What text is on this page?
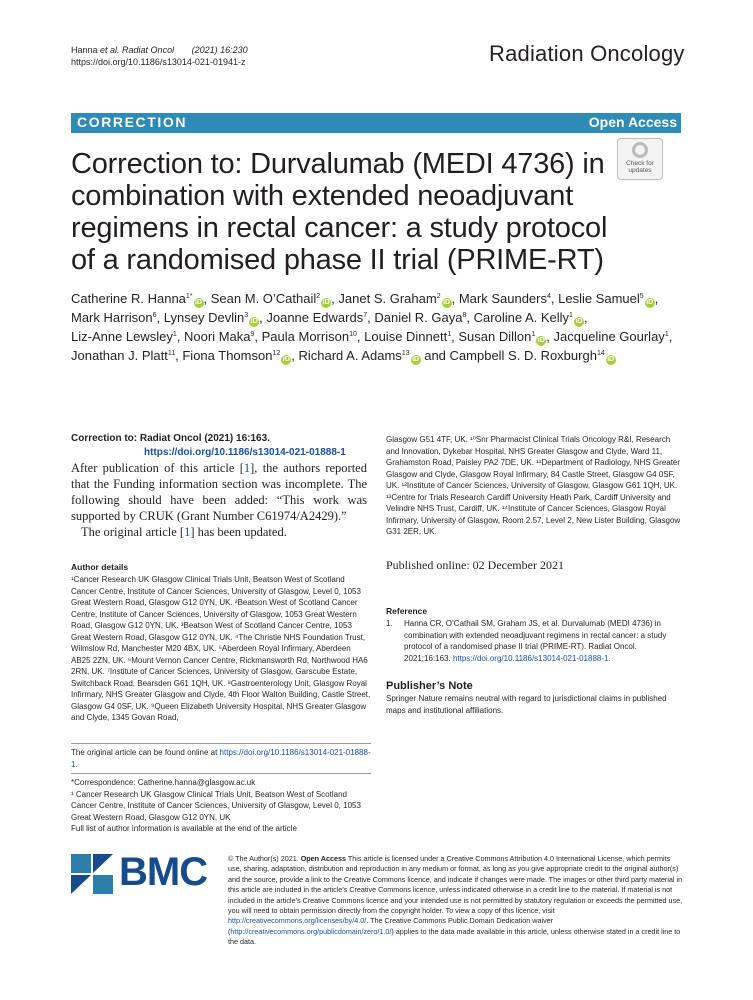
Hanna et al. Radiat Oncol (2021) 16:230
https://doi.org/10.1186/s13014-021-01941-z	Radiation Oncology
CORRECTION	Open Access
Check for
updates
Correction to: Durvalumab (MEDI 4736) in combination with extended neoadjuvant regimens in rectal cancer: a study protocol of a randomised phase II trial (PRIME-RT)
Catherine R. Hanna$^{1*}$iD , Sean M. O’Cathail$^2$iD , Janet S. Graham$^2$iD , Mark Saunders$^4$, Leslie Samuel$^5$iD , Mark Harrison$^6$, Lynsey Devlin$^3$iD , Joanne Edwards$^7$, Daniel R. Gaya$^8$, Caroline A. Kelly$^1$iD , Liz-Anne Lewsley$^1$, Noori Maka$^9$, Paula Morrison$^{10}$, Louise Dinnett$^1$, Susan Dillon$^1$iD , Jacqueline Gourlay$^1$, Jonathan J. Platt$^{11}$, Fiona Thomson$^{12}$iD , Richard A. Adams$^{13}$iD and Campbell S. D. Roxburgh$^{14}$iD
Correction to: Radiat Oncol (2021) 16:163.
https://doi.org/10.1186/s13014-021-01888-1

After publication of this article [1], the authors reported that the Funding information section was incomplete. The following should have been added: “This work was supported by CRUK (Grant Number C61974/A2429).”

The original article [1] has been updated.

Author details
¹Cancer Research UK Glasgow Clinical Trials Unit, Beatson West of Scotland Cancer Centre, Institute of Cancer Sciences, University of Glasgow, Level 0, 1053 Great Western Road, Glasgow G12 0YN, UK. ²Beatson West of Scotland Cancer Centre, Institute of Cancer Sciences, University of Glasgow, 1053 Great Western Road, Glasgow G12 0YN, UK. ³Beatson West of Scotland Cancer Centre, 1053 Great Western Road, Glasgow G12 0YN, UK. ⁴The Christie NHS Foundation Trust, Wilmslow Rd, Manchester M20 4BX, UK. ⁵Aberdeen Royal Infirmary, Aberdeen AB25 2ZN, UK. ⁶Mount Vernon Cancer Centre, Rickmansworth Rd, Northwood HA6 2RN, UK. ⁷Institute of Cancer Sciences, University of Glasgow, Garscube Estate, Switchback Road, Bearsden G61 1QH, UK. ⁸Gastroenterology Unit, Glasgow Royal Infirmary, NHS Greater Glasgow and Clyde, 4th Floor Walton Building, Castle Street, Glasgow G4 0SF, UK. ⁹Queen Elizabeth University Hospital, NHS Greater Glasgow and Clyde, 1345 Govan Road,
Glasgow G51 4TF, UK. ¹⁰Snr Pharmacist Clinical Trials Oncology R&I, Research and Innovation, Dykebar Hospital, NHS Greater Glasgow and Clyde, Ward 11, Grahamston Road, Paisley PA2 7DE, UK. ¹¹Department of Radiology, NHS Greater Glasgow and Clyde, Glasgow Royal Infirmary, 84 Castle Street, Glasgow G4 0SF, UK. ¹²Institute of Cancer Sciences, University of Glasgow, Glasgow G61 1QH, UK. ¹³Centre for Trials Research Cardiff University Heath Park, Cardiff University and Velindre NHS Trust, Cardiff, UK. ¹⁴Institute of Cancer Sciences, Glasgow Royal Infirmary, University of Glasgow, Room 2.57, Level 2, New Lister Building, Glasgow G31 2ER, UK.
Published online: 02 December 2021
Reference
1.	Hanna CR, O’Cathail SM, Graham JS, et al. Durvalumab (MEDI 4736) in combination with extended neoadjuvant regimens in rectal cancer: a study protocol of a randomised phase II trial (PRIME-RT). Radiat Oncol. 2021;16:163. https://doi.org/10.1186/s13014-021-01888-1.
Publisher’s Note
Springer Nature remains neutral with regard to jurisdictional claims in published maps and institutional affiliations.
The original article can be found online at https://doi.org/10.1186/s13014-021-01888-1.
*Correspondence: Catherine.hanna@glasgow.ac.uk
¹ Cancer Research UK Glasgow Clinical Trials Unit, Beatson West of Scotland Cancer Centre, Institute of Cancer Sciences, University of Glasgow, Level 0, 1053 Great Western Road, Glasgow G12 0YN, UK
Full list of author information is available at the end of the article
BMC	© The Author(s) 2021. Open Access This article is licensed under a Creative Commons Attribution 4.0 International License, which permits use, sharing, adaptation, distribution and reproduction in any medium or format, as long as you give appropriate credit to the original author(s) and the source, provide a link to the Creative Commons licence, and indicate if changes were made. The images or other third party material in this article are included in the article’s Creative Commons licence, unless indicated otherwise in a credit line to the material. If material is not included in the article’s Creative Commons licence and your intended use is not permitted by statutory regulation or exceeds the permitted use, you will need to obtain permission directly from the copyright holder. To view a copy of this licence, visit http://creativecommons.org/licenses/by/4.0/. The Creative Commons Public Domain Dedication waiver (http://creativecommons.org/publicdomain/zero/1.0/) applies to the data made available in this article, unless otherwise stated in a credit line to the data.
